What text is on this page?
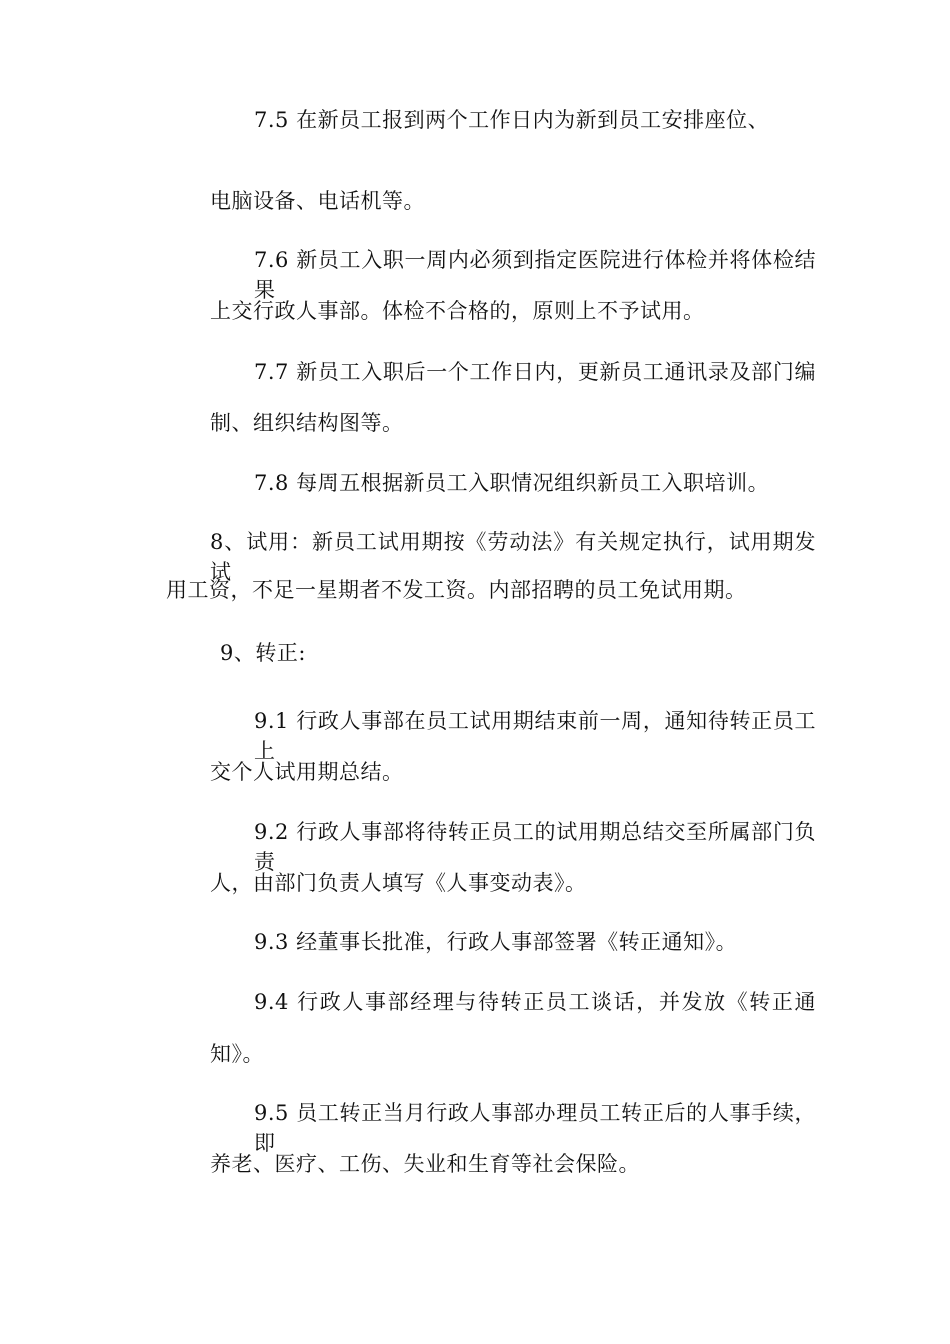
7.5 在新员工报到两个工作日内为新到员工安排座位、
电脑设备、电话机等。
7.6 新员工入职一周内必须到指定医院进行体检并将体检结果
上交行政人事部。体检不合格的，原则上不予试用。
7.7 新员工入职后一个工作日内，更新员工通讯录及部门编
制、组织结构图等。
7.8 每周五根据新员工入职情况组织新员工入职培训。
8、试用：新员工试用期按《劳动法》有关规定执行，试用期发试
用工资，不足一星期者不发工资。内部招聘的员工免试用期。
9、转正:
9.1 行政人事部在员工试用期结束前一周，通知待转正员工上
交个人试用期总结。
9.2 行政人事部将待转正员工的试用期总结交至所属部门负责
人，由部门负责人填写《人事变动表》。
9.3 经董事长批准，行政人事部签署《转正通知》。
9.4 行政人事部经理与待转正员工谈话，并发放《转正通
知》。
9.5 员工转正当月行政人事部办理员工转正后的人事手续，即
养老、医疗、工伤、失业和生育等社会保险。
